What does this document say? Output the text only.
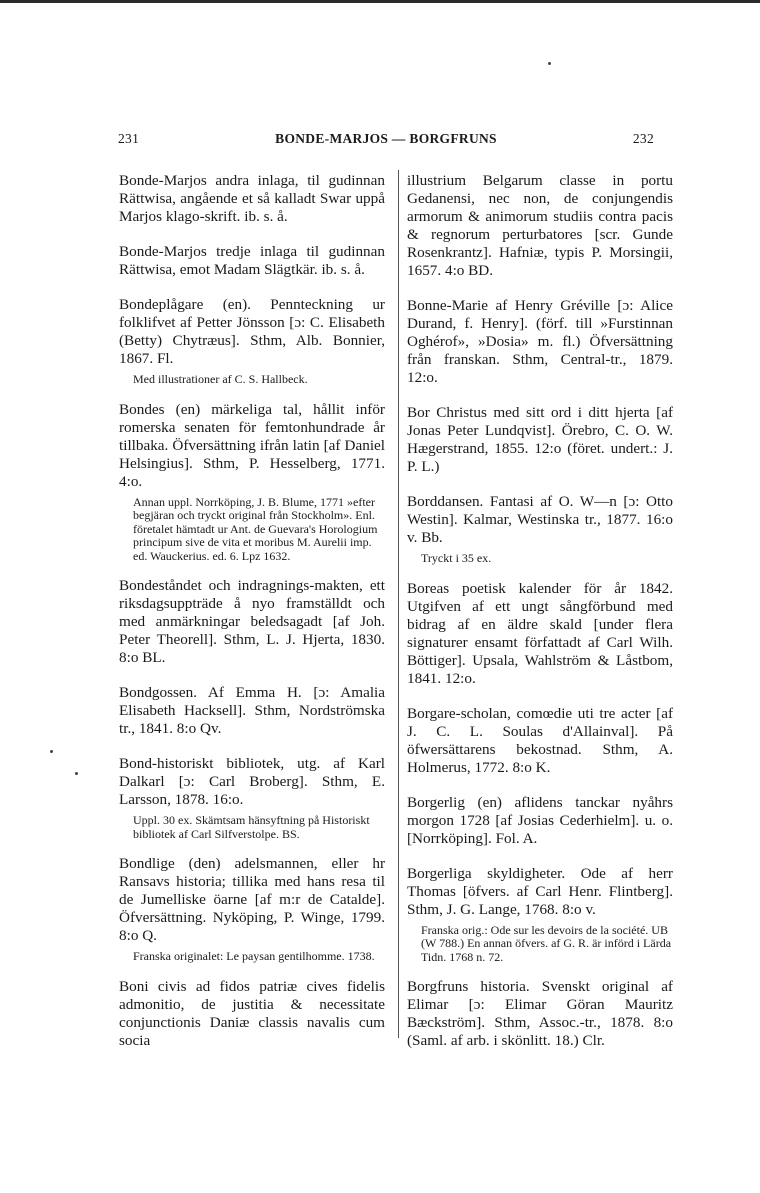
231	BONDE-MARJOS — BORGFRUNS	232

Bonde-Marjos andra inlaga, til gudinnan Rättwisa, angående et så kalladt Swar uppå Marjos klago-skrift. ib. s. å.

Bonde-Marjos tredje inlaga til gudinnan Rättwisa, emot Madam Slägtkär. ib. s. å.

Bondeplågare (en). Pennteckning ur folklifvet af Petter Jönsson [ɔ: C. Elisabeth (Betty) Chytræus]. Sthm, Alb. Bonnier, 1867. Fl.

Med illustrationer af C. S. Hallbeck.

Bondes (en) märkeliga tal, hållit inför romerska senaten för femtonhundrade år tillbaka. Öfversättning ifrån latin [af Daniel Helsingius]. Sthm, P. Hesselberg, 1771. 4:o.

Annan uppl. Norrköping, J. B. Blume, 1771 »efter begjäran och tryckt original från Stockholm». Enl. företalet hämtadt ur Ant. de Guevara's Horologium principum sive de vita et moribus M. Aurelii imp. ed. Wauckerius. ed. 6. Lpz 1632.

Bondeståndet och indragnings-makten, ett riksdagsuppträde å nyo framställdt och med anmärkningar beledsagadt [af Joh. Peter Theorell]. Sthm, L. J. Hjerta, 1830. 8:o BL.

Bondgossen. Af Emma H. [ɔ: Amalia Elisabeth Hacksell]. Sthm, Nordströmska tr., 1841. 8:o Qv.

Bond-historiskt bibliotek, utg. af Karl Dalkarl [ɔ: Carl Broberg]. Sthm, E. Larsson, 1878. 16:o.

Uppl. 30 ex. Skämtsam hänsyftning på Historiskt bibliotek af Carl Silfverstolpe. BS.

Bondlige (den) adelsmannen, eller hr Ransavs historia; tillika med hans resa til de Jumelliske öarne [af m:r de Catalde]. Öfversättning. Nyköping, P. Winge, 1799. 8:o Q.

Franska originalet: Le paysan gentilhomme. 1738.

Boni civis ad fidos patriæ cives fidelis admonitio, de justitia & necessitate conjunctionis Daniæ classis navalis cum socia

illustrium Belgarum classe in portu Gedanensi, nec non, de conjungendis armorum & animorum studiis contra pacis & regnorum perturbatores [scr. Gunde Rosenkrantz]. Hafniæ, typis P. Morsingii, 1657. 4:o BD.

Bonne-Marie af Henry Gréville [ɔ: Alice Durand, f. Henry]. (förf. till »Furstinnan Oghérof», »Dosia» m. fl.) Öfversättning från franskan. Sthm, Central-tr., 1879. 12:o.

Bor Christus med sitt ord i ditt hjerta [af Jonas Peter Lundqvist]. Örebro, C. O. W. Hægerstrand, 1855. 12:o (föret. undert.: J. P. L.)

Borddansen. Fantasi af O. W—n [ɔ: Otto Westin]. Kalmar, Westinska tr., 1877. 16:o v. Bb.

Tryckt i 35 ex.

Boreas poetisk kalender för år 1842. Utgifven af ett ungt sångförbund med bidrag af en äldre skald [under flera signaturer ensamt författadt af Carl Wilh. Böttiger]. Upsala, Wahlström & Låstbom, 1841. 12:o.

Borgare-scholan, comœdie uti tre acter [af J. C. L. Soulas d'Allainval]. På öfwersättarens bekostnad. Sthm, A. Holmerus, 1772. 8:o K.

Borgerlig (en) aflidens tanckar nyåhrs morgon 1728 [af Josias Cederhielm]. u. o. [Norrköping]. Fol. A.

Borgerliga skyldigheter. Ode af herr Thomas [öfvers. af Carl Henr. Flintberg]. Sthm, J. G. Lange, 1768. 8:o v.

Franska orig.: Ode sur les devoirs de la société. UB (W 788.) En annan öfvers. af G. R. är införd i Lärda Tidn. 1768 n. 72.

Borgfruns historia. Svenskt original af Elimar [ɔ: Elimar Göran Mauritz Bæckström]. Sthm, Assoc.-tr., 1878. 8:o (Saml. af arb. i skönlitt. 18.) Clr.
